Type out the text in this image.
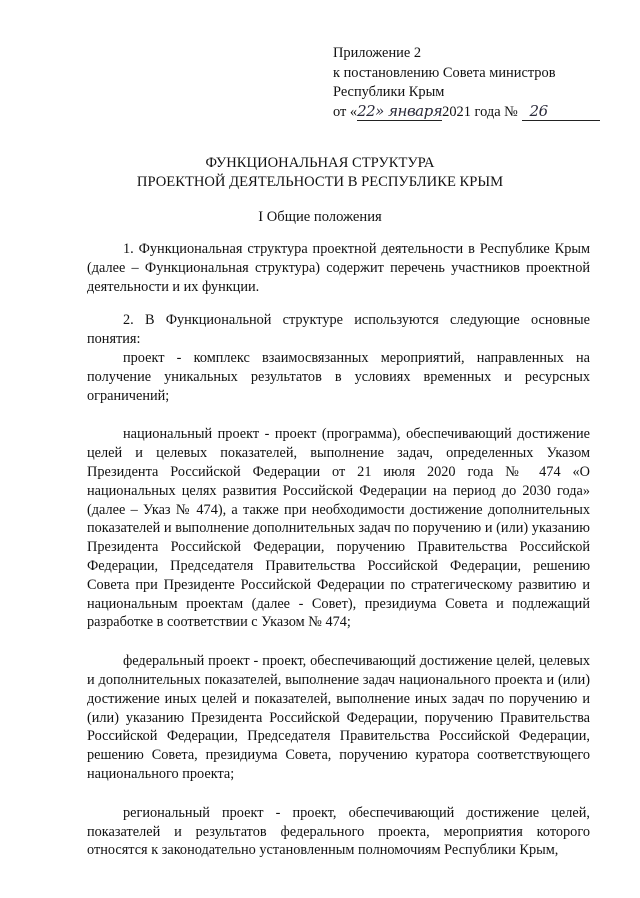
Приложение 2
к постановлению Совета министров
Республики Крым
от «22» января2021 года № 26
ФУНКЦИОНАЛЬНАЯ СТРУКТУРА
ПРОЕКТНОЙ ДЕЯТЕЛЬНОСТИ В РЕСПУБЛИКЕ КРЫМ
I Общие положения

1. Функциональная структура проектной деятельности в Республике Крым (далее – Функциональная структура) содержит перечень участников проектной деятельности и их функции.

2. В Функциональной структуре используются следующие основные понятия:

проект - комплекс взаимосвязанных мероприятий, направленных на получение уникальных результатов в условиях временных и ресурсных ограничений;

национальный проект - проект (программа), обеспечивающий достижение целей и целевых показателей, выполнение задач, определенных Указом Президента Российской Федерации от 21 июля 2020 года № 474 «О национальных целях развития Российской Федерации на период до 2030 года» (далее – Указ № 474), а также при необходимости достижение дополнительных показателей и выполнение дополнительных задач по поручению и (или) указанию Президента Российской Федерации, поручению Правительства Российской Федерации, Председателя Правительства Российской Федерации, решению Совета при Президенте Российской Федерации по стратегическому развитию и национальным проектам (далее - Совет), президиума Совета и подлежащий разработке в соответствии с Указом № 474;

федеральный проект - проект, обеспечивающий достижение целей, целевых и дополнительных показателей, выполнение задач национального проекта и (или) достижение иных целей и показателей, выполнение иных задач по поручению и (или) указанию Президента Российской Федерации, поручению Правительства Российской Федерации, Председателя Правительства Российской Федерации, решению Совета, президиума Совета, поручению куратора соответствующего национального проекта;

региональный проект - проект, обеспечивающий достижение целей, показателей и результатов федерального проекта, мероприятия которого относятся к законодательно установленным полномочиям Республики Крым,
